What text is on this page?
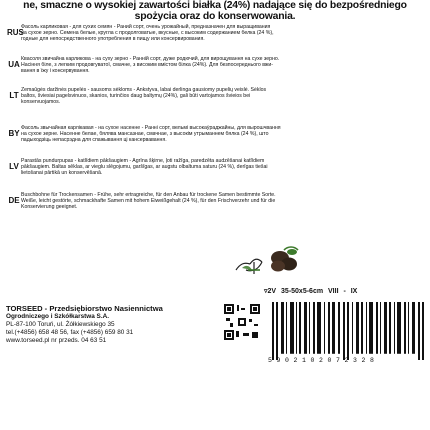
ne, smaczne o wysokiej zawartości białka (24%) nadające się do bezpośredniego
spożycia oraz do konserwowania.
RUS
Фасоль карликовая - для сухих семян - Раний сорт, очень урожайный, предназначен для выращивания
на сухое зерно. Семена белые, кругла с продолговатые, вкусные, с высоким содержанием белка (24 %),
годные для непосредственного употребления в пищу или консервирования.
UA
Квасоля звичайна карликова - на суху зерно - Ранній сорт, дуже родючий, для вирощування на сухе зерно.
Насіння біле, з легким продовгуватої, смачне, з високим вмістом білка (24%). Для безпосереднього вжи-
вання в їжу і консервування.
LT
Žemaūgės daržinės pupelės - sausoms sėkloms - Ankstyva, labai derlinga gausiomy pupelių veislė. Sėklos
baltos, šviesiai pagelsvinuos, skanios, turinčios daug baltymų (24%), gali būti vartojamos švieios bei
konservuojamos.
BY
Фасоль звычайная карлікавая - на сухое насенне - Ранні сорт, вельмі высокаўраджайны, для вырошчвання
на сухое зерне. Насенне белае, бялява мансазнае, смачнае, з высокім утрыманнем бялка (24 %), што
падыходзіць непасрэдна для спажывання ці кансервавання.
LV
Parastās pundurpupas - katlīdiem pākšaugiem - Agrīna šķirne, ļoti ražīga, paredzēta audzēšanai katlīdiem
pākšaugiem. Baltas sēklas, ar vieglu slēgojumu, garšīgas, ar augstu olbaltuma saturu (24 %), derīgas tiešai
lietošanai pārtikā un konservēšanā.
DE
Buschbohne für Trockensamen - Frühe, sehr ertragreiche, für den Anbau für trockene Samen bestimmte Sorte.
Weiße, leicht gestörte, schmackhafte Samen mit hohem Eiweißgehalt (24 %), für den Frischverzehr und für die
Konservierung geeignet.
▿2V 35-50x5-6cm VIII - IX
TORSEED - Przedsiębiorstwo Nasiennictwa
Ogrodniczego i Szkółkarstwa S.A.
PL-87-100 Toruń, ul. Żółkiewskiego 35
tel.(+4856) 658 48 56, fax (+4856) 659 80 31
www.torseed.pl nr przeds. 04 63 51
5902102072328
